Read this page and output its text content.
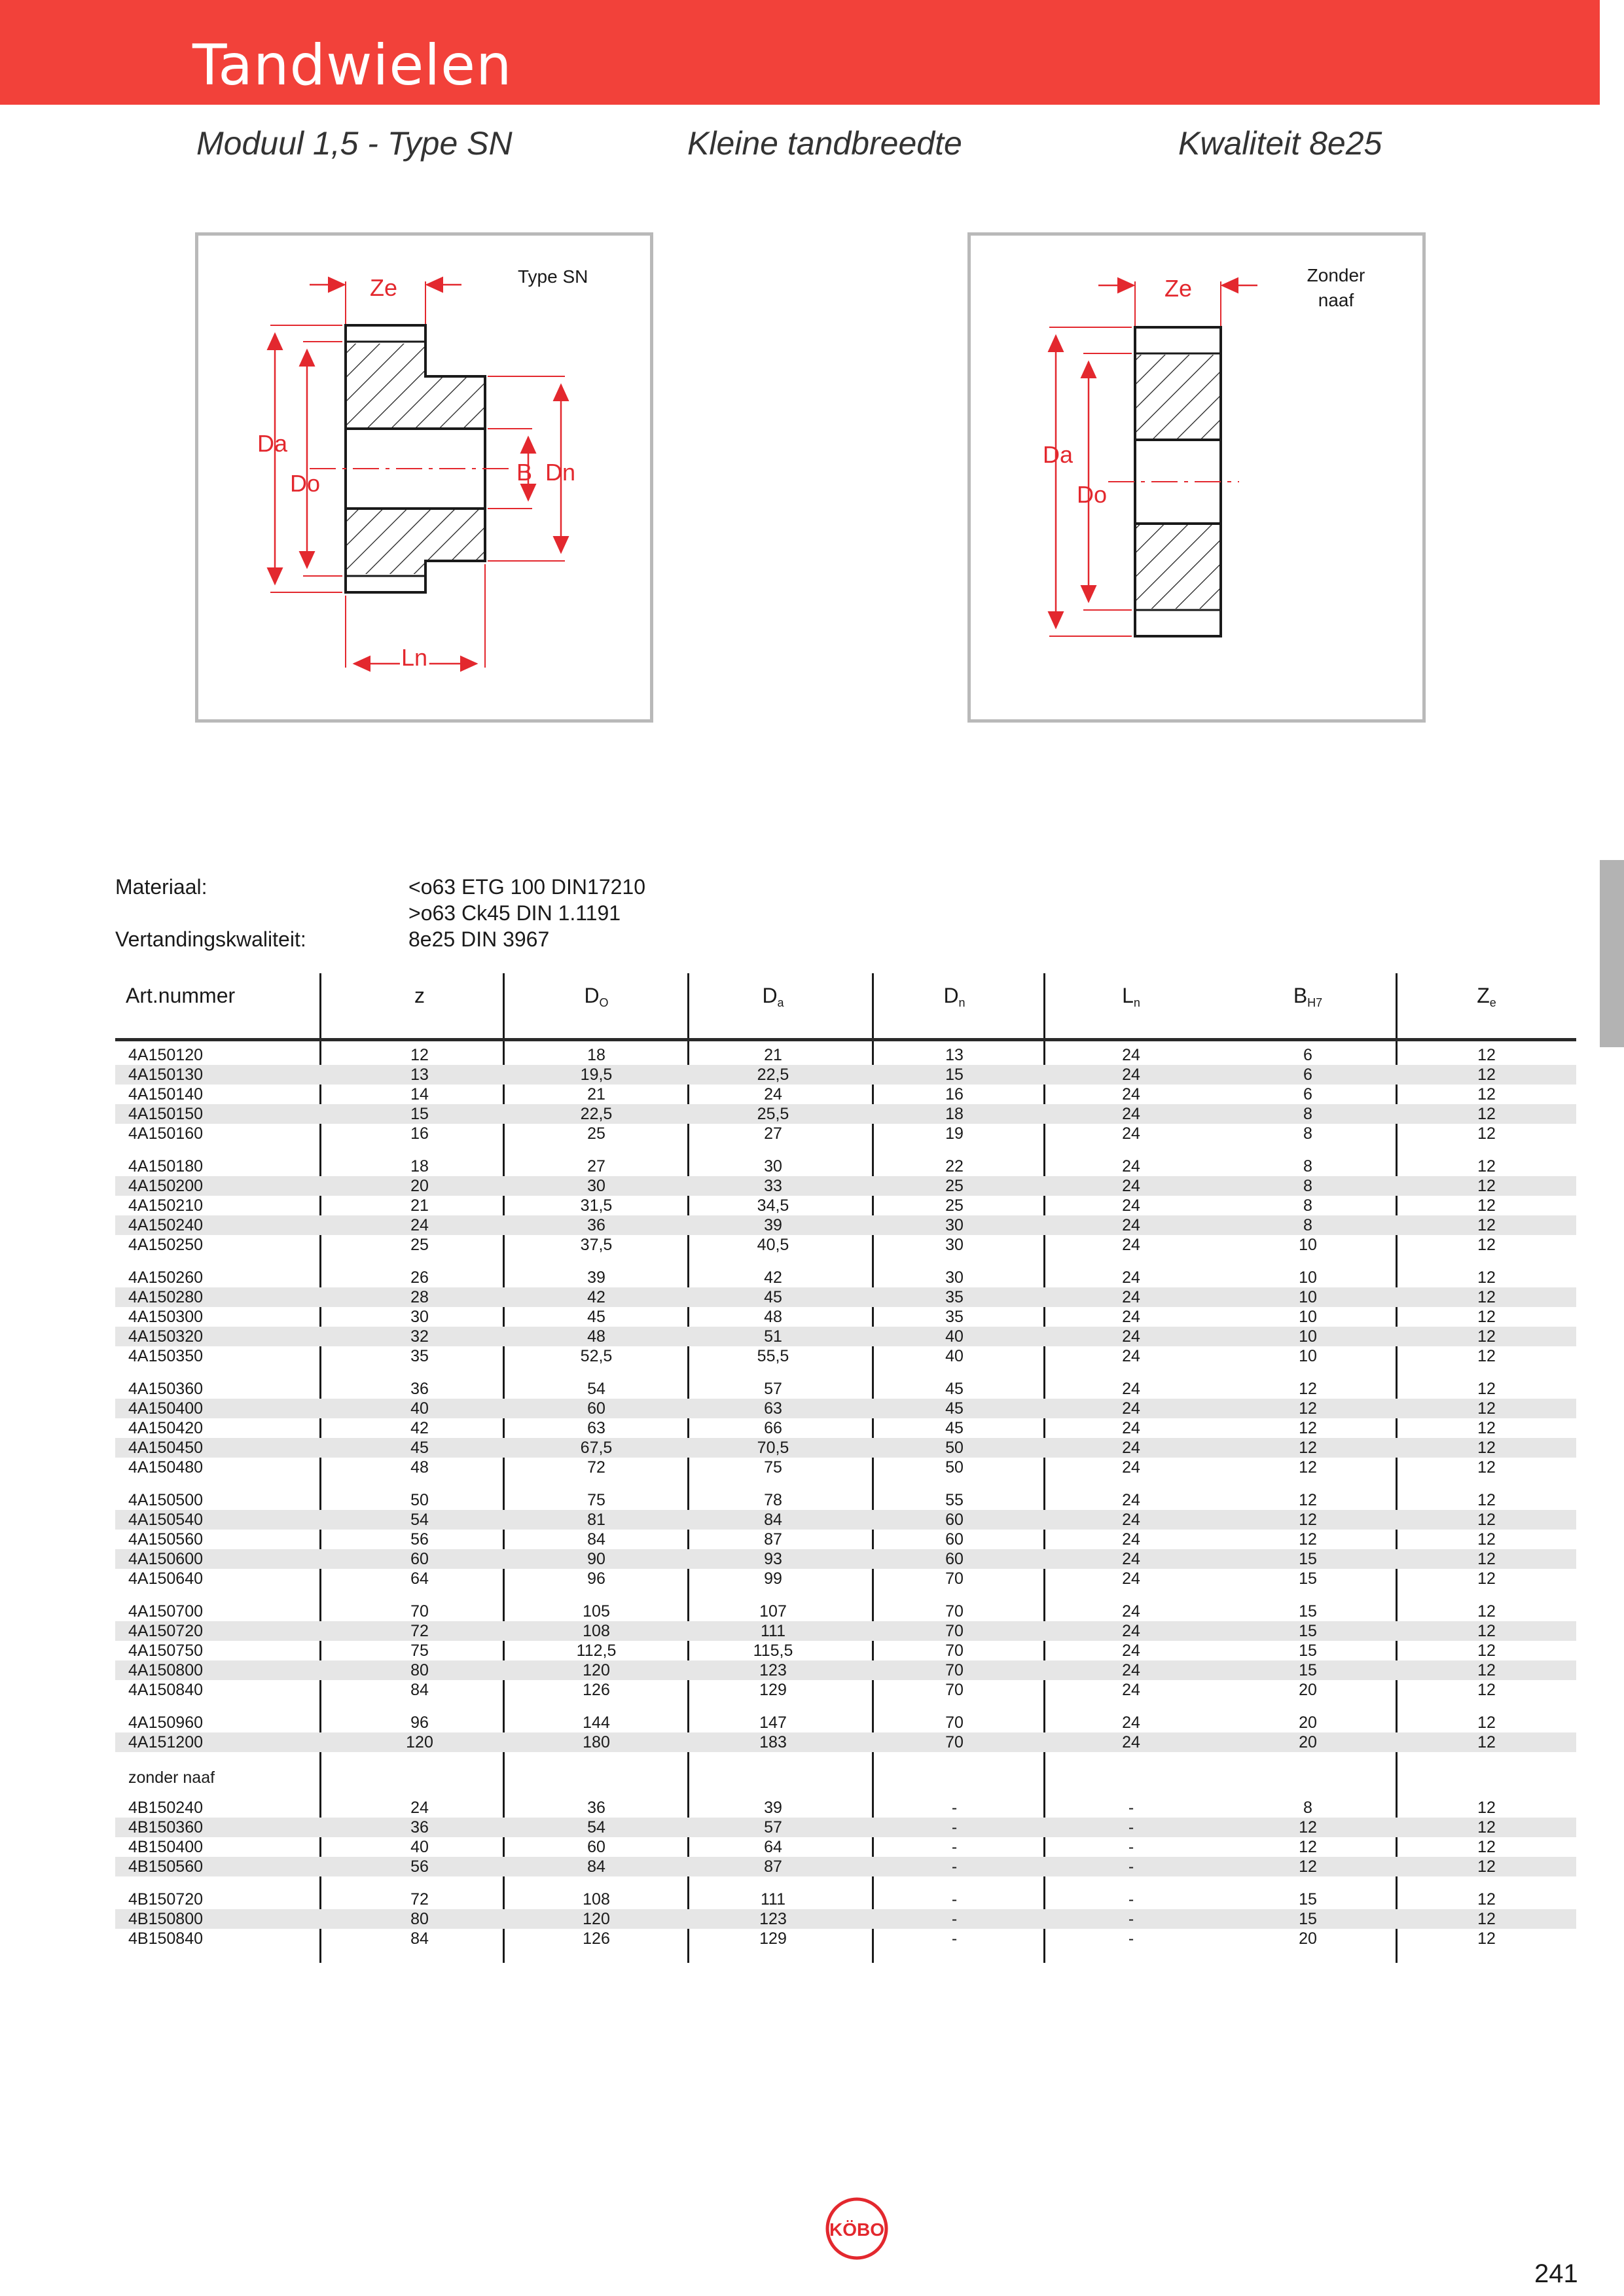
Tandwielen
Moduul 1,5 - Type SN	Kleine tandbreedte	Kwaliteit 8e25
Ze	Type SN
Da
Do	B Dn
Ln
Ze	Zonder
naaf
Da
Do
Materiaal:	<o63 ETG 100 DIN17210
>o63 Ck45 DIN 1.1191
Vertandingskwaliteit:	8e25 DIN 3967
Art.nummer	z	$D_O$	$D_a$	$D_n$	$L_n$	$B_{H7}$	$Z_e$
4A150120	12	18	21	13	24	6	12
4A150130	13	19,5	22,5	15	24	6	12
4A150140	14	21	24	16	24	6	12
4A150150	15	22,5	25,5	18	24	8	12
4A150160	16	25	27	19	24	8	12
4A150180	18	27	30	22	24	8	12
4A150200	20	30	33	25	24	8	12
4A150210	21	31,5	34,5	25	24	8	12
4A150240	24	36	39	30	24	8	12
4A150250	25	37,5	40,5	30	24	10	12
4A150260	26	39	42	30	24	10	12
4A150280	28	42	45	35	24	10	12
4A150300	30	45	48	35	24	10	12
4A150320	32	48	51	40	24	10	12
4A150350	35	52,5	55,5	40	24	10	12
4A150360	36	54	57	45	24	12	12
4A150400	40	60	63	45	24	12	12
4A150420	42	63	66	45	24	12	12
4A150450	45	67,5	70,5	50	24	12	12
4A150480	48	72	75	50	24	12	12
4A150500	50	75	78	55	24	12	12
4A150540	54	81	84	60	24	12	12
4A150560	56	84	87	60	24	12	12
4A150600	60	90	93	60	24	15	12
4A150640	64	96	99	70	24	15	12
4A150700	70	105	107	70	24	15	12
4A150720	72	108	111	70	24	15	12
4A150750	75	112,5	115,5	70	24	15	12
4A150800	80	120	123	70	24	15	12
4A150840	84	126	129	70	24	20	12
4A150960	96	144	147	70	24	20	12
4A151200	120	180	183	70	24	20	12
zonder naaf
4B150240	24	36	39	-	-	8	12
4B150360	36	54	57	-	-	12	12
4B150400	40	60	64	-	-	12	12
4B150560	56	84	87	-	-	12	12
4B150720	72	108	111	-	-	15	12
4B150800	80	120	123	-	-	15	12
4B150840	84	126	129	-	-	20	12
KÖBO
241
